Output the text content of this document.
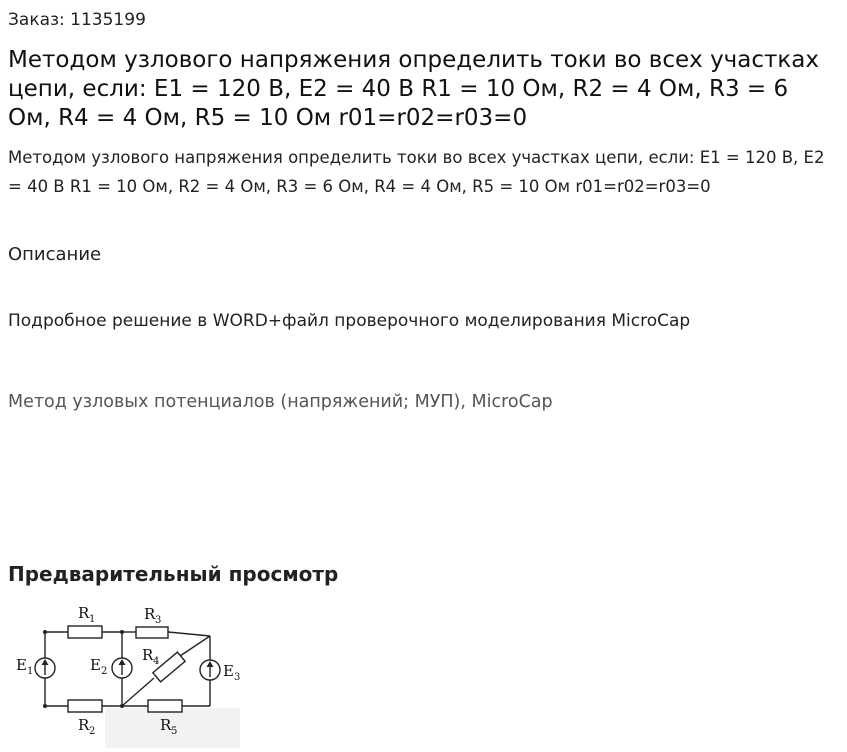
Заказ: 1135199
Методом узлового напряжения определить токи во всех участках цепи, если: Е1 = 120 В, Е2 = 40 В R1 = 10 Ом, R2 = 4 Ом, R3 = 6 Ом, R4 = 4 Ом, R5 = 10 Ом r01=r02=r03=0

Методом узлового напряжения определить токи во всех участках цепи, если: Е1 = 120 В, Е2 = 40 В R1 = 10 Ом, R2 = 4 Ом, R3 = 6 Ом, R4 = 4 Ом, R5 = 10 Ом r01=r02=r03=0

Описание

Подробное решение в WORD+файл проверочного моделирования MicroCap

Метод узловых потенциалов (напряжений; МУП), MicroCap
Предварительный просмотр
R 1	R 3
R 4
R 2	R 5
E 1	E 2	E 3
